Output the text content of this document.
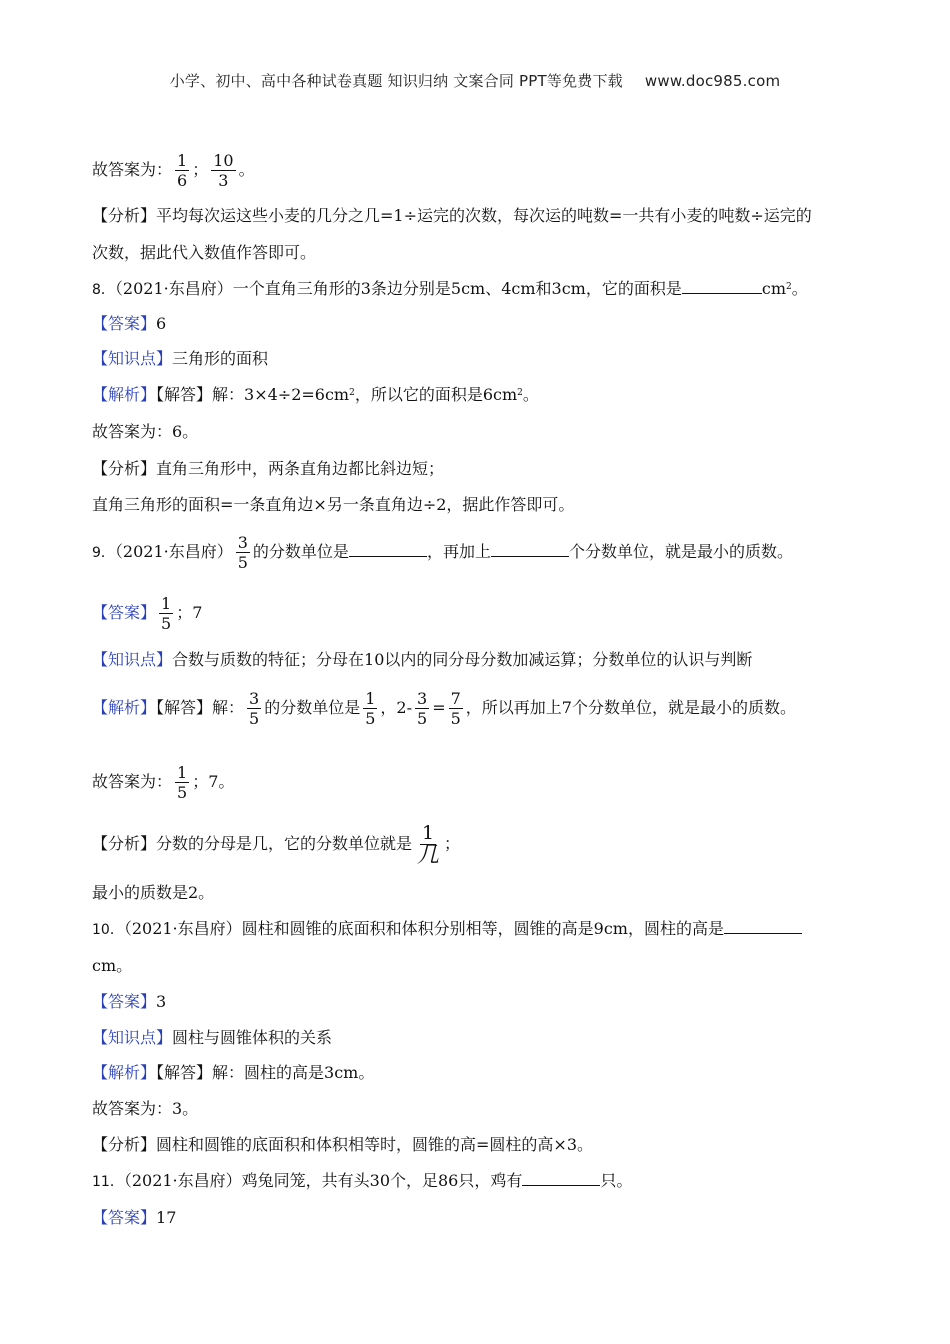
小学、初中、高中各种试卷真题 知识归纳 文案合同 PPT等免费下载 www.doc985.com
故答案为： $\frac{1}{6}$ ； $\frac{10}{3}$ 。
【分析】平均每次运这些小麦的几分之几=1÷运完的次数，每次运的吨数=一共有小麦的吨数÷运完的
次数，据此代入数值作答即可。
8．（2021·东昌府）一个直角三角形的3条边分别是5cm、4cm和3cm，它的面积是	$cm^2$。
【答案】6
【知识点】三角形的面积
【解析】【解答】解：$3\times 4\div 2=6cm^2$，所以它的面积是$6cm^2$。
故答案为：6。
【分析】直角三角形中，两条直角边都比斜边短；
直角三角形的面积=一条直角边×另一条直角边÷2，据此作答即可。
9．（2021·东昌府） $\frac{3}{5}$ 的分数单位是	，再加上	个分数单位，就是最小的质数。
【答案】 $\frac{1}{5}$ ；7
【知识点】合数与质数的特征；分母在10以内的同分母分数加减运算；分数单位的认识与判断
【解析】【解答】解： $\frac{3}{5}$ 的分数单位是 $\frac{1}{5}$ ，$2- \frac{3}{5} = \frac{7}{5}$ ，所以再加上7个分数单位，就是最小的质数。
故答案为： $\frac{1}{5}$ ；7。
【分析】分数的分母是几，它的分数单位就是 $\frac{1}{\text{几}}$ ；
最小的质数是2。
10．（2021·东昌府）圆柱和圆锥的底面积和体积分别相等，圆锥的高是9cm，圆柱的高是
cm。
【答案】3
【知识点】圆柱与圆锥体积的关系
【解析】【解答】解：圆柱的高是3cm。
故答案为：3。
【分析】圆柱和圆锥的底面积和体积相等时，圆锥的高=圆柱的高×3。
11．（2021·东昌府）鸡兔同笼，共有头30个，足86只，鸡有	只。
【答案】17
